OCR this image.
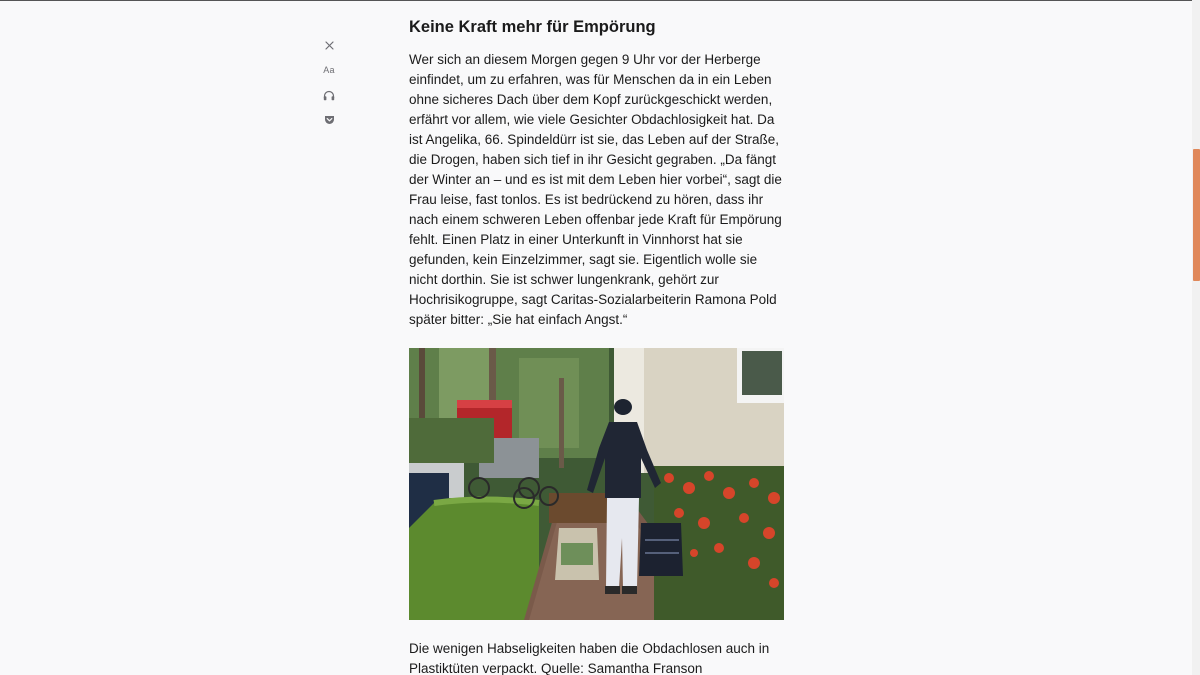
Aa
Keine Kraft mehr für Empörung

Wer sich an diesem Morgen gegen 9 Uhr vor der Herberge einfindet, um zu erfahren, was für Menschen da in ein Leben ohne sicheres Dach über dem Kopf zurückgeschickt werden, erfährt vor allem, wie viele Gesichter Obdachlosigkeit hat. Da ist Angelika, 66. Spindeldürr ist sie, das Leben auf der Straße, die Drogen, haben sich tief in ihr Gesicht gegraben. „Da fängt der Winter an – und es ist mit dem Leben hier vorbei“, sagt die Frau leise, fast tonlos. Es ist bedrückend zu hören, dass ihr nach einem schweren Leben offenbar jede Kraft für Empörung fehlt. Einen Platz in einer Unterkunft in Vinnhorst hat sie gefunden, kein Einzelzimmer, sagt sie. Eigentlich wolle sie nicht dorthin. Sie ist schwer lungenkrank, gehört zur Hochrisikogruppe, sagt Caritas-Sozialarbeiterin Ramona Pold später bitter: „Sie hat einfach Angst.“

Die wenigen Habseligkeiten haben die Obdachlosen auch in Plastiktüten verpackt. Quelle: Samantha Franson
